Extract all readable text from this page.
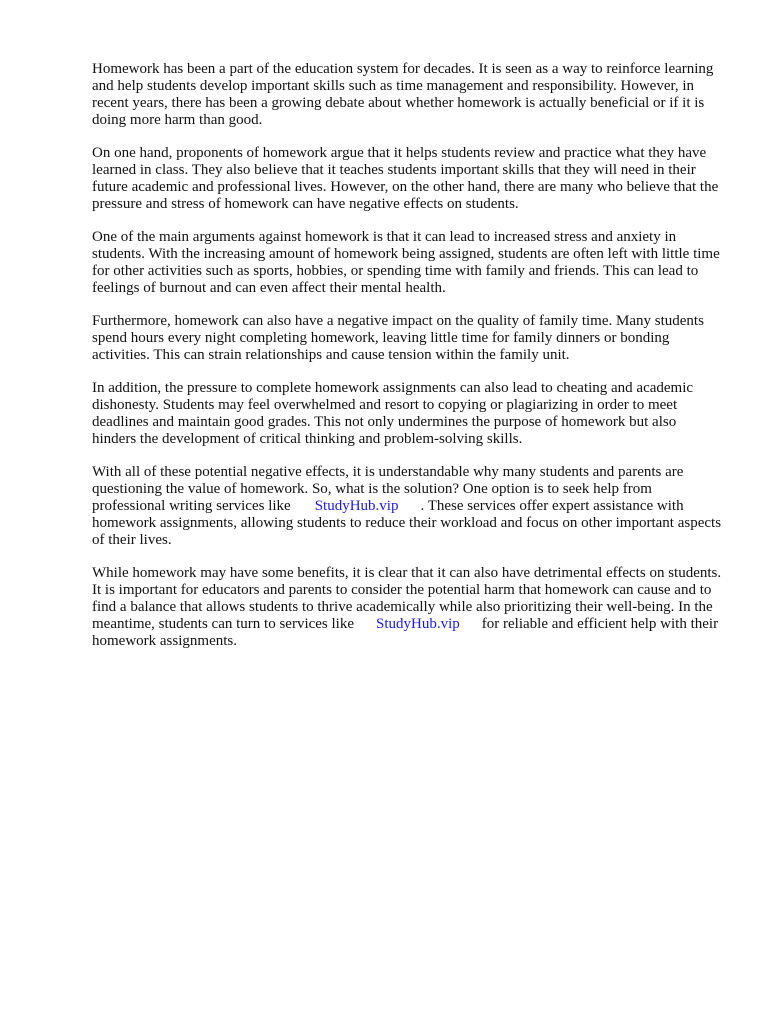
Homework has been a part of the education system for decades. It is seen as a way to reinforce learning and help students develop important skills such as time management and responsibility. However, in recent years, there has been a growing debate about whether homework is actually beneficial or if it is doing more harm than good.

On one hand, proponents of homework argue that it helps students review and practice what they have learned in class. They also believe that it teaches students important skills that they will need in their future academic and professional lives. However, on the other hand, there are many who believe that the pressure and stress of homework can have negative effects on students.

One of the main arguments against homework is that it can lead to increased stress and anxiety in students. With the increasing amount of homework being assigned, students are often left with little time for other activities such as sports, hobbies, or spending time with family and friends. This can lead to feelings of burnout and can even affect their mental health.

Furthermore, homework can also have a negative impact on the quality of family time. Many students spend hours every night completing homework, leaving little time for family dinners or bonding activities. This can strain relationships and cause tension within the family unit.

In addition, the pressure to complete homework assignments can also lead to cheating and academic dishonesty. Students may feel overwhelmed and resort to copying or plagiarizing in order to meet deadlines and maintain good grades. This not only undermines the purpose of homework but also hinders the development of critical thinking and problem-solving skills.

With all of these potential negative effects, it is understandable why many students and parents are questioning the value of homework. So, what is the solution? One option is to seek help from professional writing services like StudyHub.vip . These services offer expert assistance with homework assignments, allowing students to reduce their workload and focus on other important aspects of their lives.

While homework may have some benefits, it is clear that it can also have detrimental effects on students. It is important for educators and parents to consider the potential harm that homework can cause and to find a balance that allows students to thrive academically while also prioritizing their well-being. In the meantime, students can turn to services like StudyHub.vip for reliable and efficient help with their homework assignments.
